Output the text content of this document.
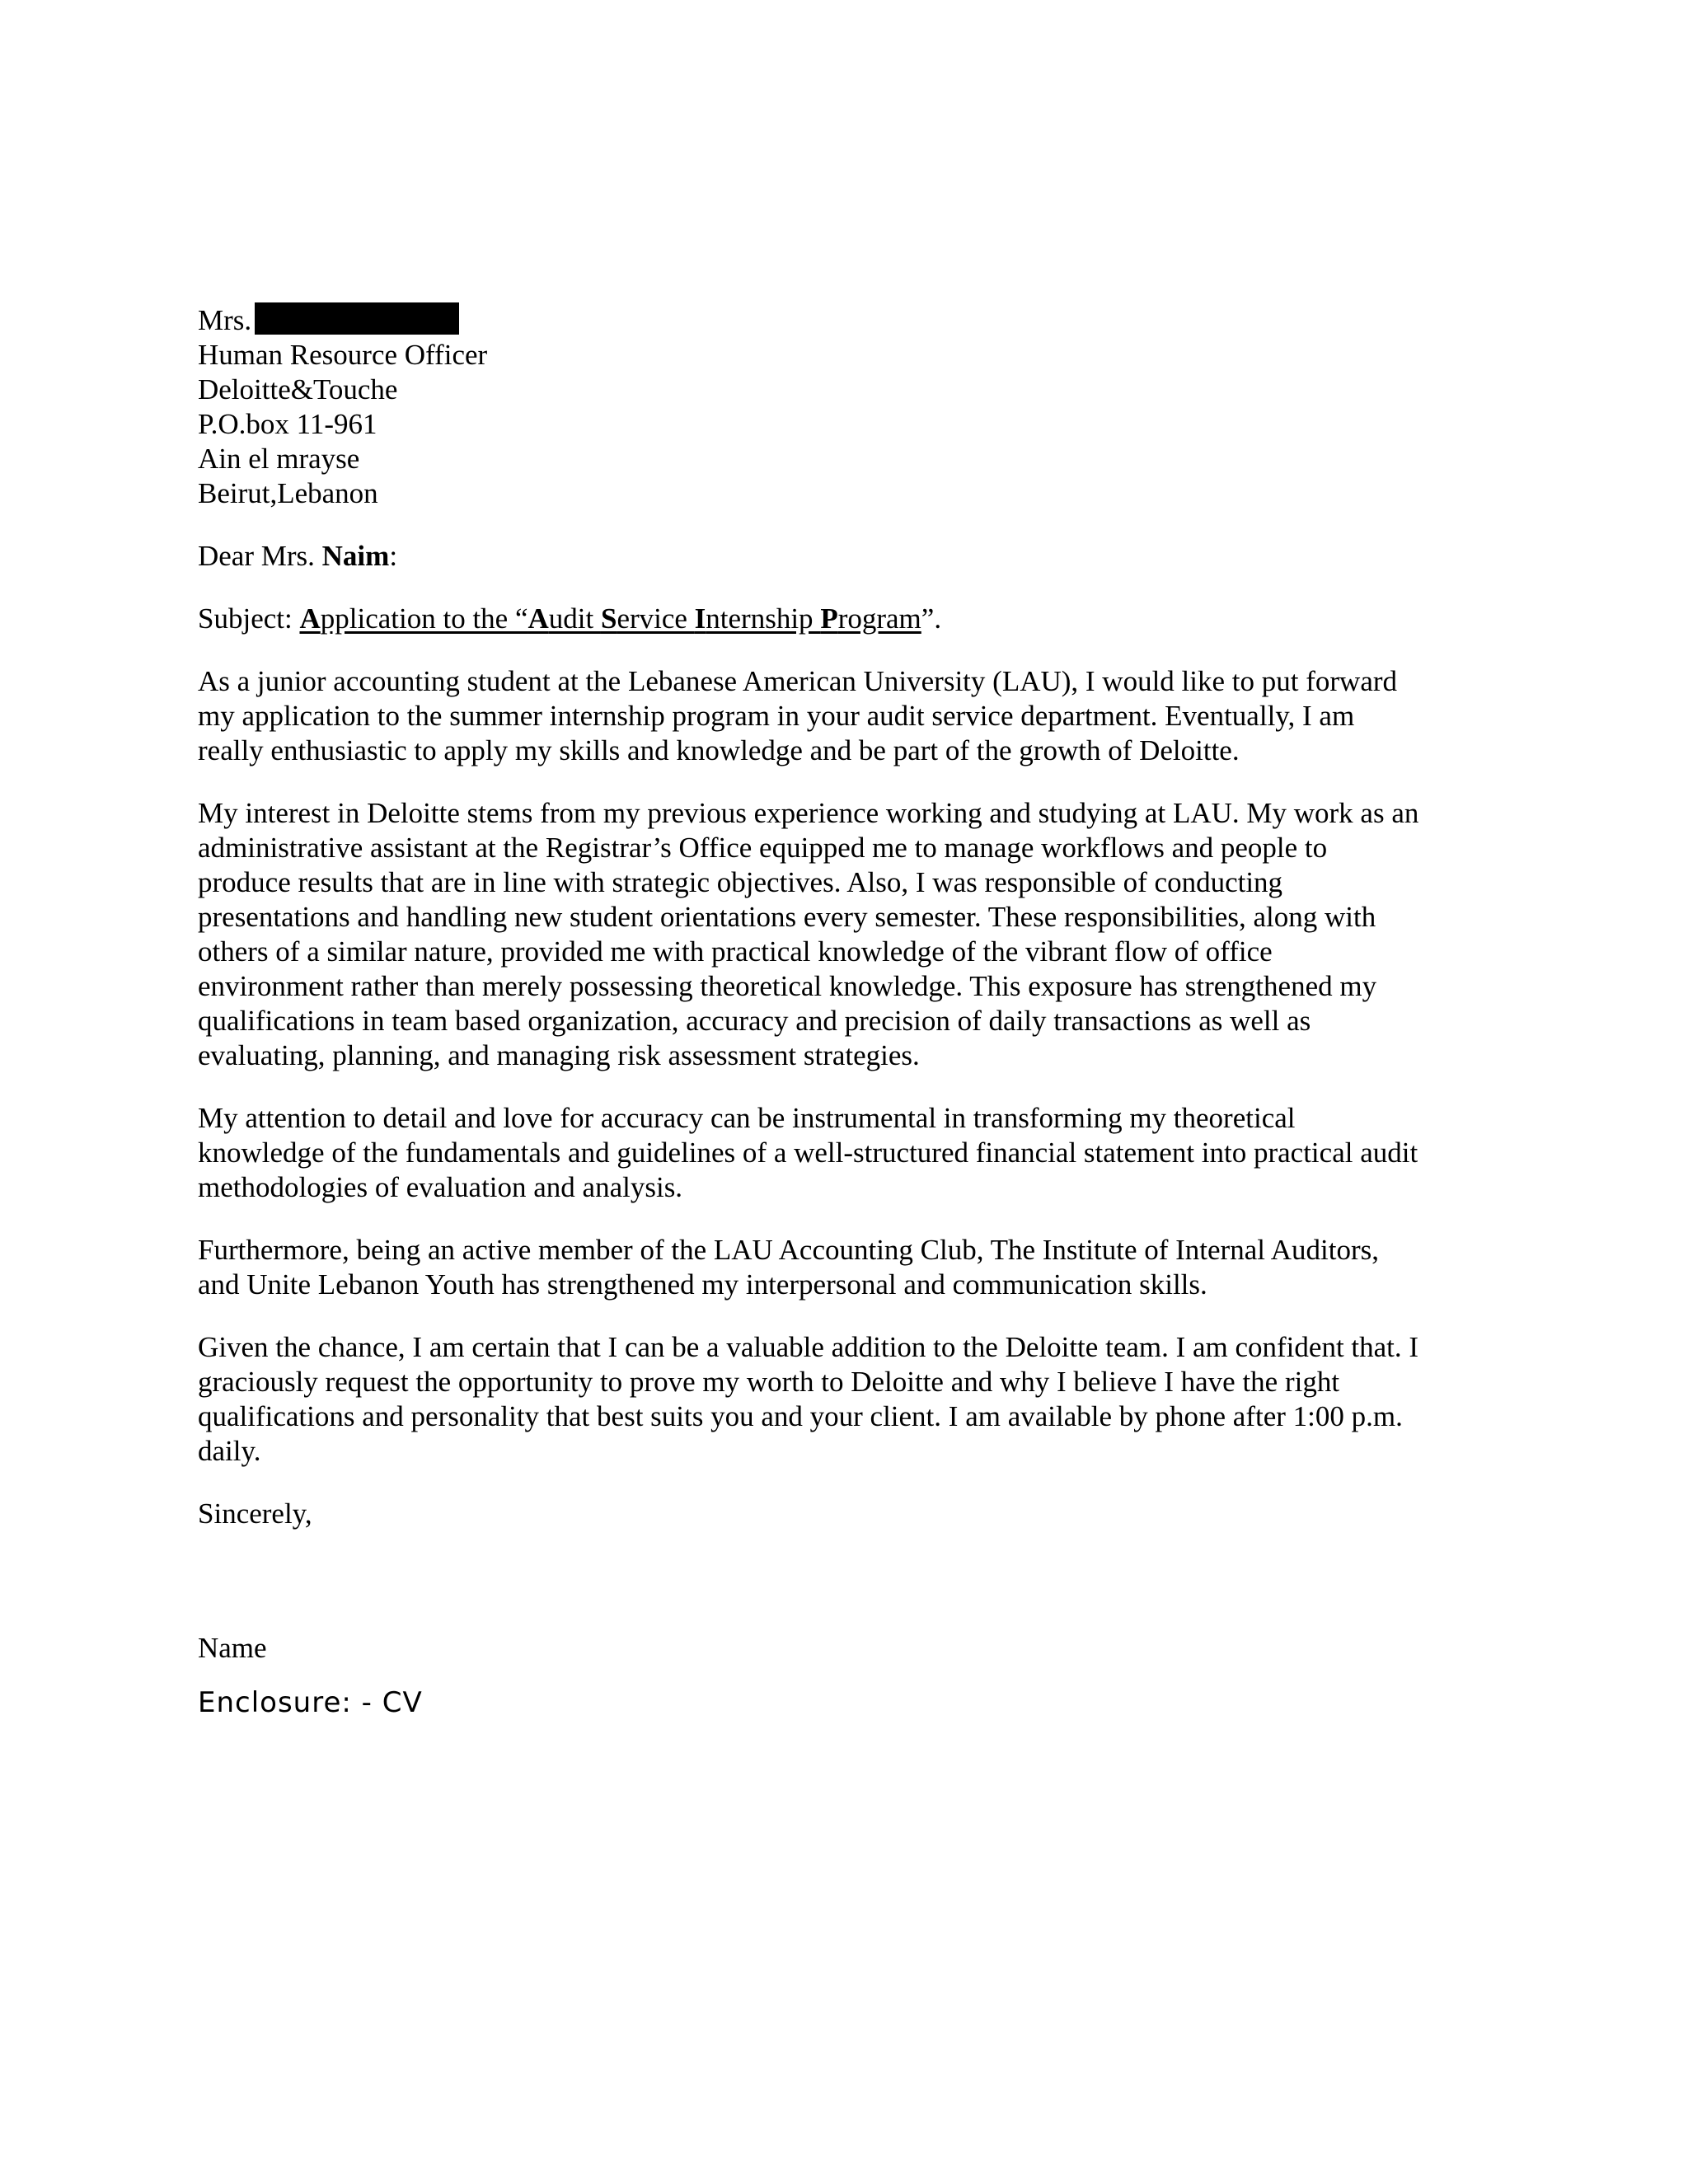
Mrs.
Human Resource Officer
Deloitte&Touche
P.O.box 11-961
Ain el mrayse
Beirut,Lebanon
Dear Mrs. Naim:
Subject: Application to the “Audit Service Internship Program”.
As a junior accounting student at the Lebanese American University (LAU), I would like to put forward
my application to the summer internship program in your audit service department. Eventually, I am
really enthusiastic to apply my skills and knowledge and be part of the growth of Deloitte.
My interest in Deloitte stems from my previous experience working and studying at LAU. My work as an
administrative assistant at the Registrar’s Office equipped me to manage workflows and people to
produce results that are in line with strategic objectives. Also, I was responsible of conducting
presentations and handling new student orientations every semester. These responsibilities, along with
others of a similar nature, provided me with practical knowledge of the vibrant flow of office
environment rather than merely possessing theoretical knowledge. This exposure has strengthened my
qualifications in team based organization, accuracy and precision of daily transactions as well as
evaluating, planning, and managing risk assessment strategies.
My attention to detail and love for accuracy can be instrumental in transforming my theoretical
knowledge of the fundamentals and guidelines of a well-structured financial statement into practical audit
methodologies of evaluation and analysis.
Furthermore, being an active member of the LAU Accounting Club, The Institute of Internal Auditors,
and Unite Lebanon Youth has strengthened my interpersonal and communication skills.
Given the chance, I am certain that I can be a valuable addition to the Deloitte team. I am confident that. I
graciously request the opportunity to prove my worth to Deloitte and why I believe I have the right
qualifications and personality that best suits you and your client. I am available by phone after 1:00 p.m.
daily.
Sincerely,
Name
Enclosure: - CV
